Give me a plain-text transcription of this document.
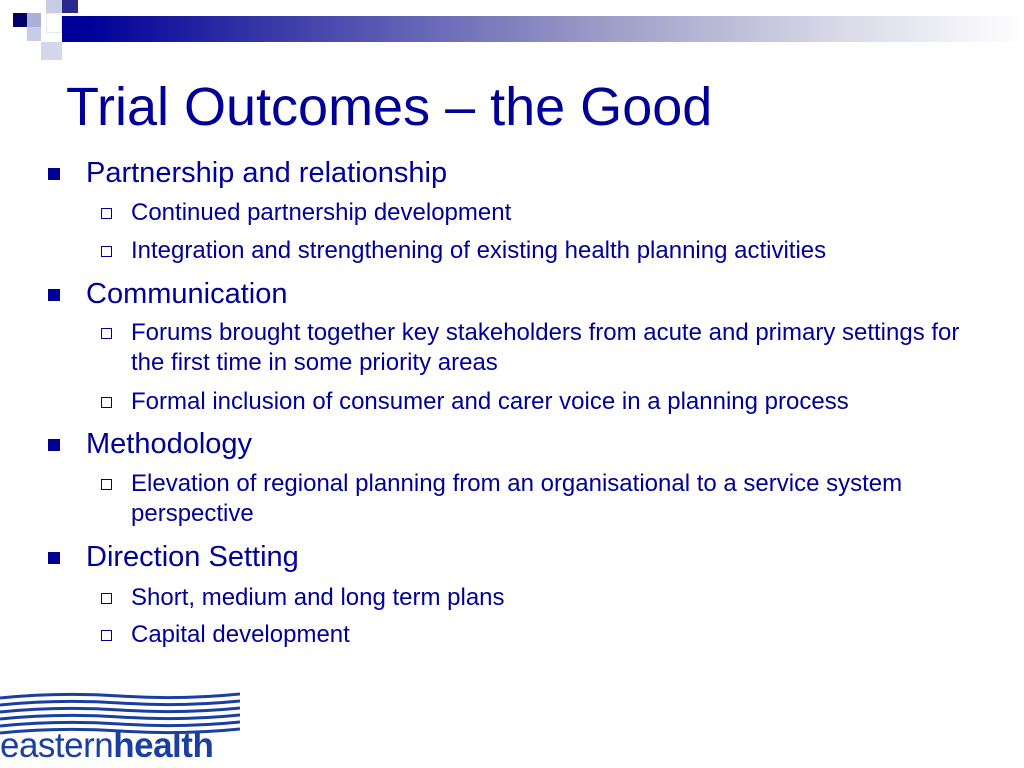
Trial Outcomes – the Good
Partnership and relationship
Continued partnership development
Integration and strengthening of existing health planning activities
Communication
Forums brought together key stakeholders from acute and primary settings for the first time in some priority areas
Formal inclusion of consumer and carer voice in a planning process
Methodology
Elevation of regional planning from an organisational to a service system perspective
Direction Setting
Short, medium and long term plans
Capital development
easternhealth
